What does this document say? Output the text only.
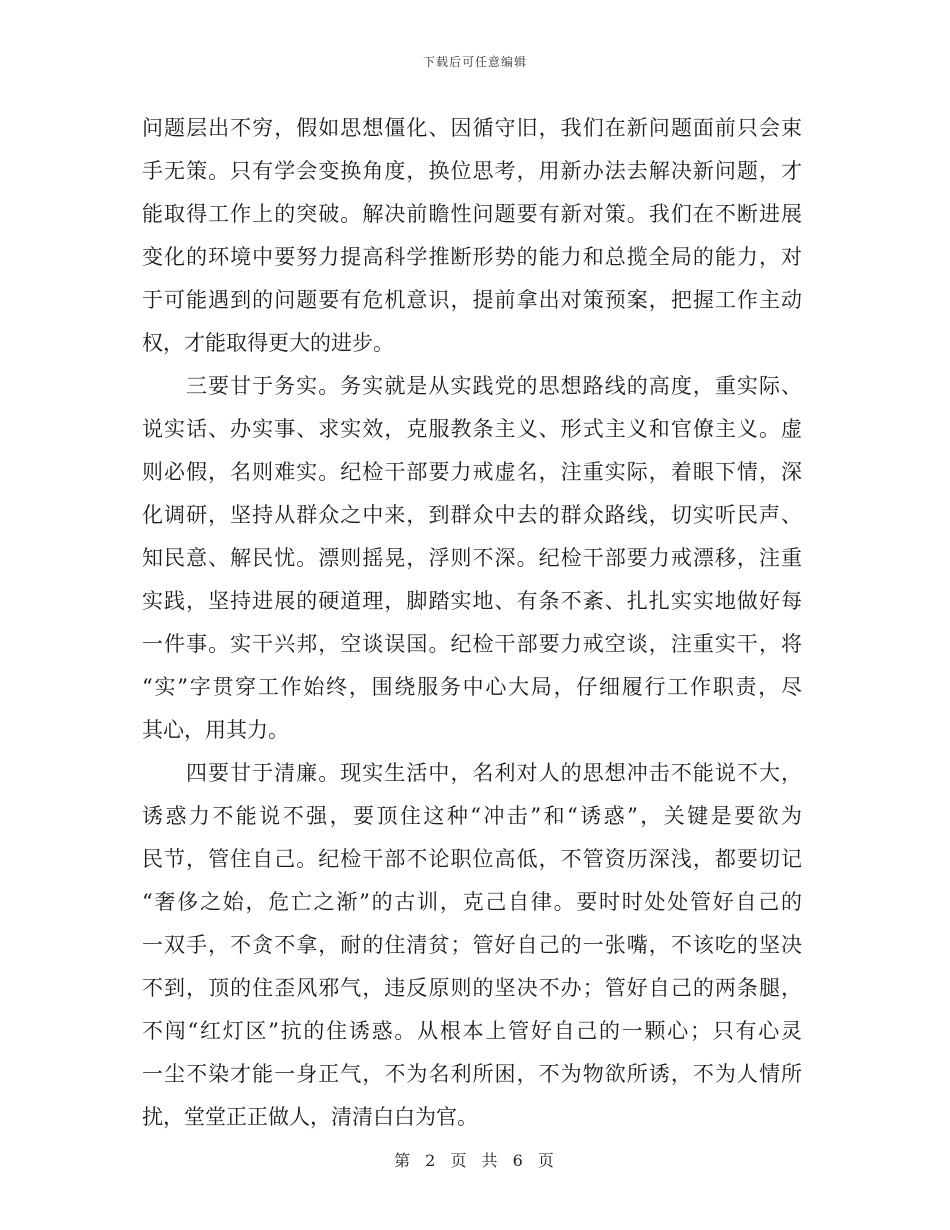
下载后可任意编辑
问题层出不穷，假如思想僵化、因循守旧，我们在新问题面前只会束
手无策。只有学会变换角度，换位思考，用新办法去解决新问题，才
能取得工作上的突破。解决前瞻性问题要有新对策。我们在不断进展
变化的环境中要努力提高科学推断形势的能力和总揽全局的能力，对
于可能遇到的问题要有危机意识，提前拿出对策预案，把握工作主动
权，才能取得更大的进步。
三要甘于务实。务实就是从实践党的思想路线的高度，重实际、
说实话、办实事、求实效，克服教条主义、形式主义和官僚主义。虚
则必假，名则难实。纪检干部要力戒虚名，注重实际，着眼下情，深
化调研，坚持从群众之中来，到群众中去的群众路线，切实听民声、
知民意、解民忧。漂则摇晃，浮则不深。纪检干部要力戒漂移，注重
实践，坚持进展的硬道理，脚踏实地、有条不紊、扎扎实实地做好每
一件事。实干兴邦，空谈误国。纪检干部要力戒空谈，注重实干，将
“实”字贯穿工作始终，围绕服务中心大局，仔细履行工作职责，尽
其心，用其力。
四要甘于清廉。现实生活中，名利对人的思想冲击不能说不大，
诱惑力不能说不强，要顶住这种“冲击”和“诱惑”，关键是要欲为
民节，管住自己。纪检干部不论职位高低，不管资历深浅，都要切记
“奢侈之始，危亡之渐”的古训，克己自律。要时时处处管好自己的
一双手，不贪不拿，耐的住清贫；管好自己的一张嘴，不该吃的坚决
不到，顶的住歪风邪气，违反原则的坚决不办；管好自己的两条腿，
不闯“红灯区”抗的住诱惑。从根本上管好自己的一颗心；只有心灵
一尘不染才能一身正气，不为名利所困，不为物欲所诱，不为人情所
扰，堂堂正正做人，清清白白为官。
第 2 页 共 6 页
